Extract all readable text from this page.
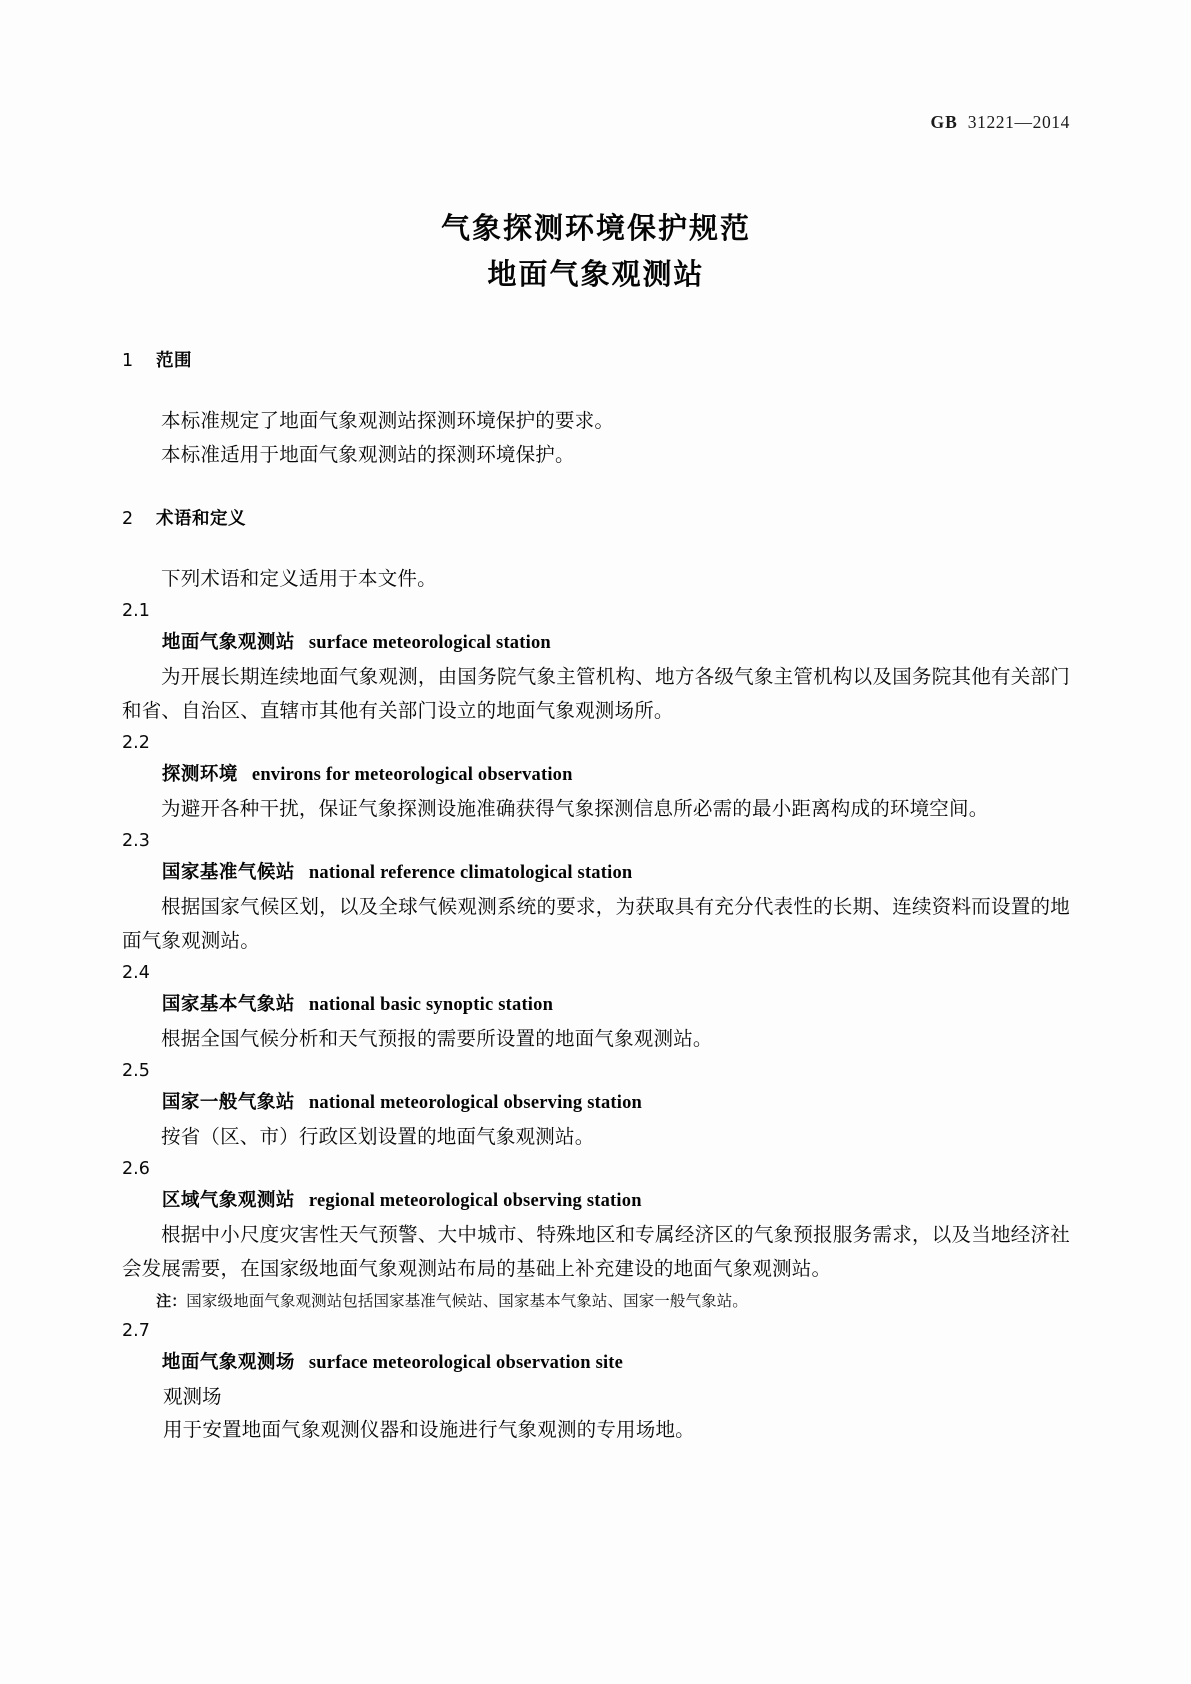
GB 31221—2014
气象探测环境保护规范
地面气象观测站
1 范围

本标准规定了地面气象观测站探测环境保护的要求。

本标准适用于地面气象观测站的探测环境保护。

2 术语和定义

下列术语和定义适用于本文件。

2.1

地面气象观测站 surface meteorological station

为开展长期连续地面气象观测，由国务院气象主管机构、地方各级气象主管机构以及国务院其他有关部门和省、自治区、直辖市其他有关部门设立的地面气象观测场所。

2.2

探测环境 environs for meteorological observation

为避开各种干扰，保证气象探测设施准确获得气象探测信息所必需的最小距离构成的环境空间。

2.3

国家基准气候站 national reference climatological station

根据国家气候区划，以及全球气候观测系统的要求，为获取具有充分代表性的长期、连续资料而设置的地面气象观测站。

2.4

国家基本气象站 national basic synoptic station

根据全国气候分析和天气预报的需要所设置的地面气象观测站。

2.5

国家一般气象站 national meteorological observing station

按省（区、市）行政区划设置的地面气象观测站。

2.6

区域气象观测站 regional meteorological observing station

根据中小尺度灾害性天气预警、大中城市、特殊地区和专属经济区的气象预报服务需求，以及当地经济社会发展需要，在国家级地面气象观测站布局的基础上补充建设的地面气象观测站。

注：国家级地面气象观测站包括国家基准气候站、国家基本气象站、国家一般气象站。

2.7

地面气象观测场 surface meteorological observation site

观测场

用于安置地面气象观测仪器和设施进行气象观测的专用场地。
